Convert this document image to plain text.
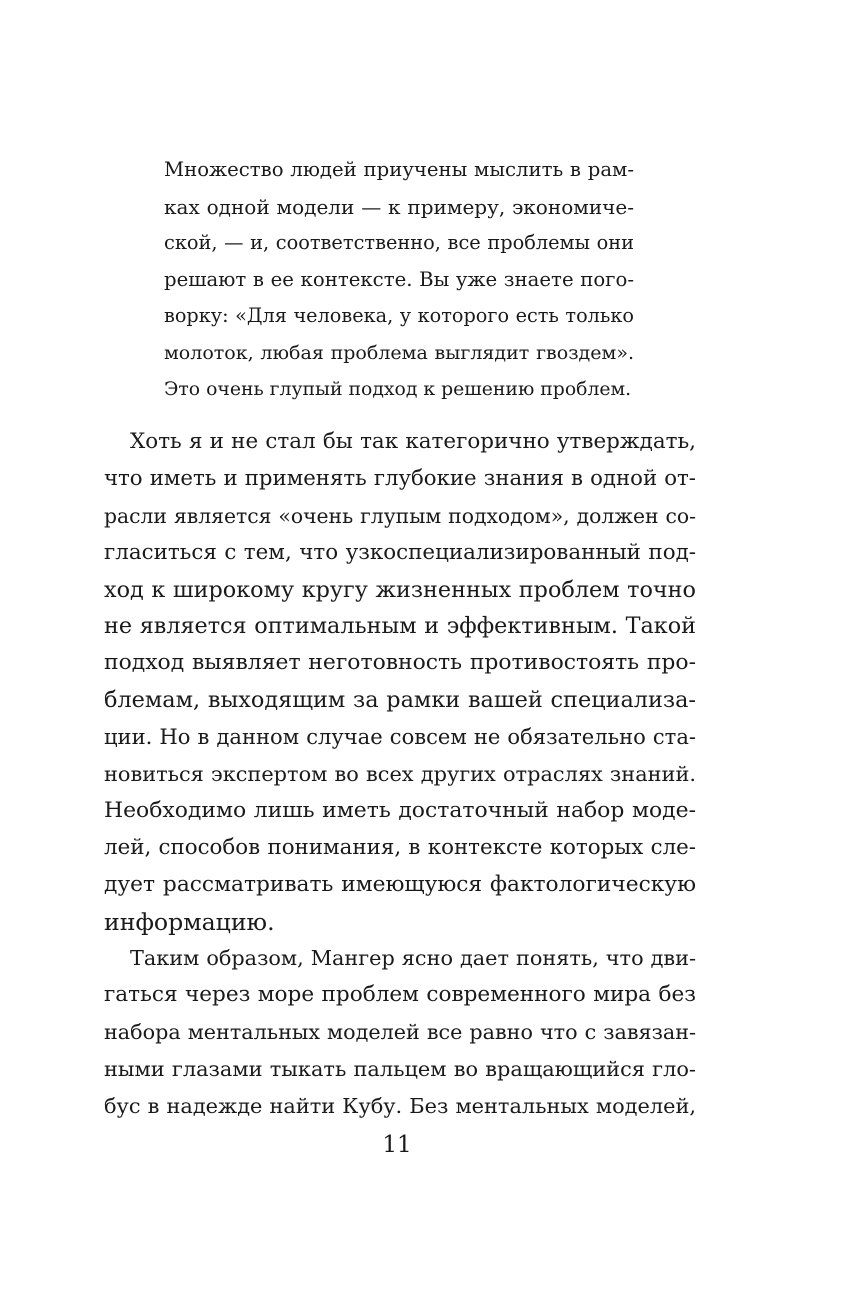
Множество людей приучены мыслить в рам-
ках одной модели — к примеру, экономиче-
ской, — и, соответственно, все проблемы они
решают в ее контексте. Вы уже знаете пого-
ворку: «Для человека, у которого есть только
молоток, любая проблема выглядит гвоздем».
Это очень глупый подход к решению проблем.
Хоть я и не стал бы так категорично утверждать,
что иметь и применять глубокие знания в одной от-
расли является «очень глупым подходом», должен со-
гласиться с тем, что узкоспециализированный под-
ход к широкому кругу жизненных проблем точно
не является оптимальным и эффективным. Такой
подход выявляет неготовность противостоять про-
блемам, выходящим за рамки вашей специализа-
ции. Но в данном случае совсем не обязательно ста-
новиться экспертом во всех других отраслях знаний.
Необходимо лишь иметь достаточный набор моде-
лей, способов понимания, в контексте которых сле-
дует рассматривать имеющуюся фактологическую
информацию.
Таким образом, Мангер ясно дает понять, что дви-
гаться через море проблем современного мира без
набора ментальных моделей все равно что с завязан-
ными глазами тыкать пальцем во вращающийся гло-
бус в надежде найти Кубу. Без ментальных моделей,
11
